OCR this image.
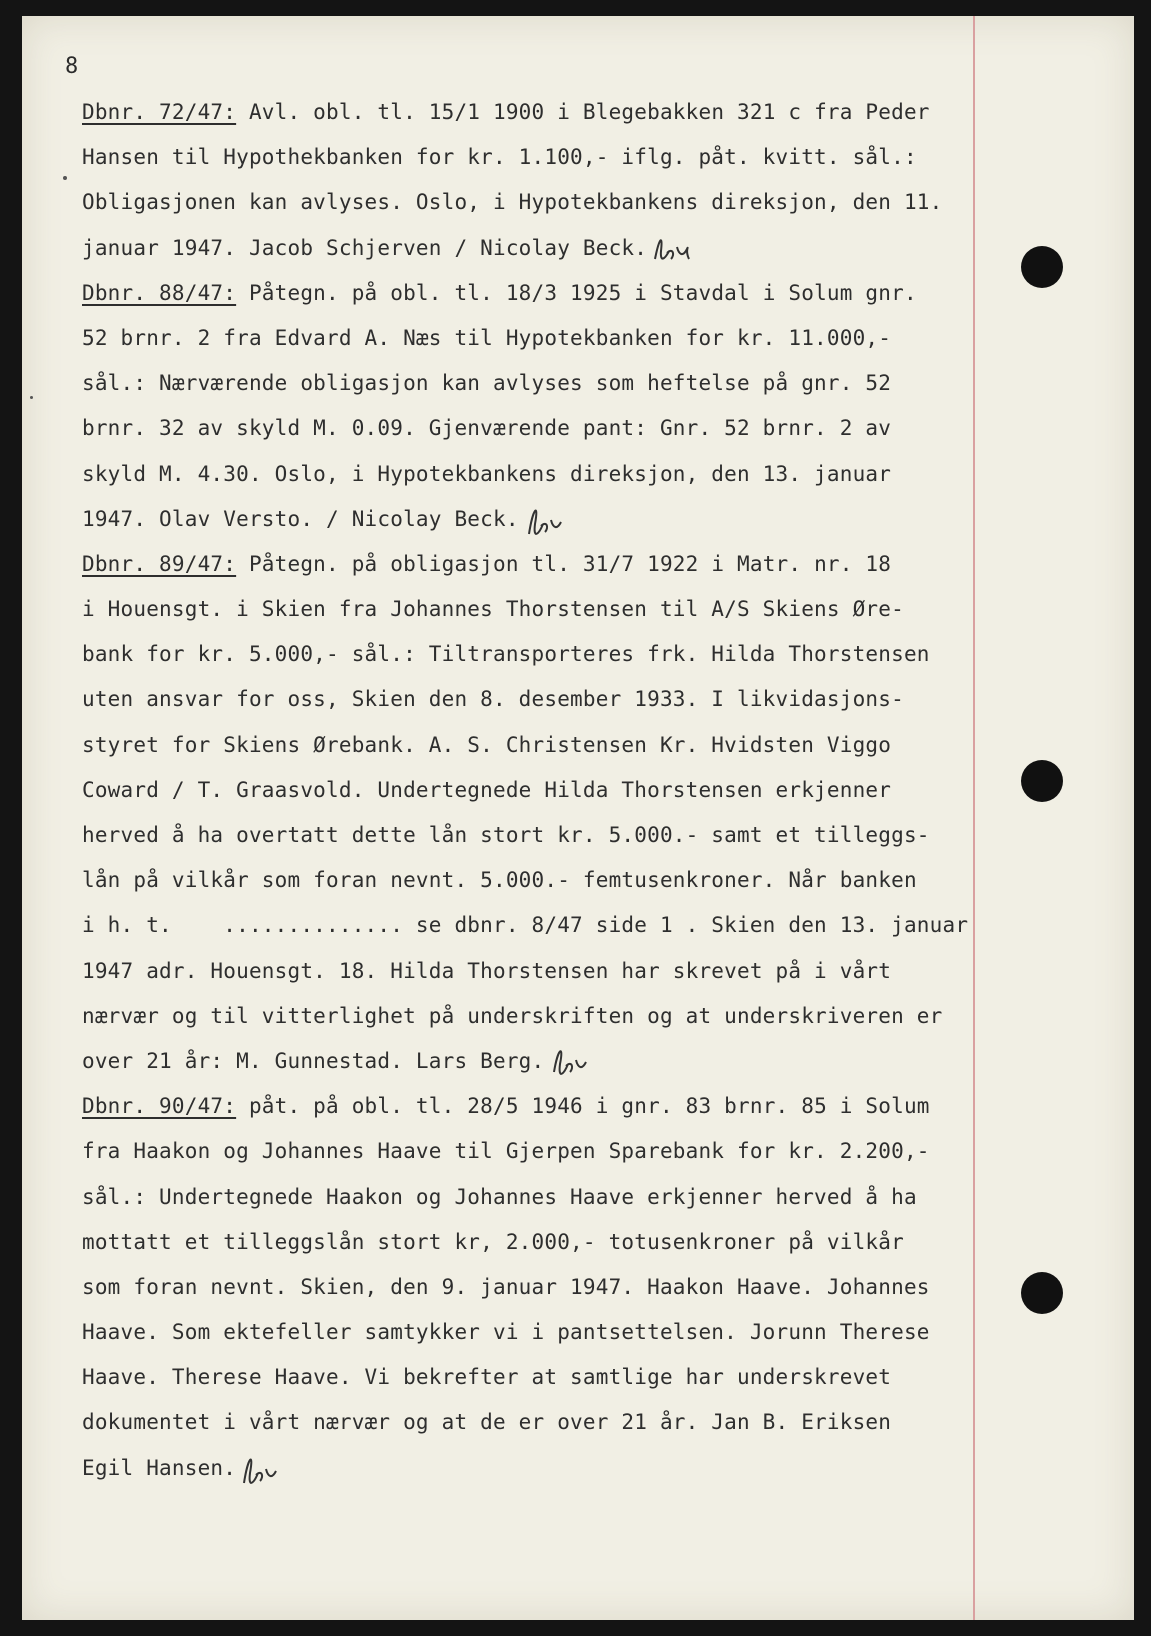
8
Dbnr. 72/47: Avl. obl. tl. 15/1 1900 i Blegebakken 321 c fra Peder
Hansen til Hypothekbanken for kr. 1.100,- iflg. påt. kvitt. sål.:
Obligasjonen kan avlyses. Oslo, i Hypotekbankens direksjon, den 11.
januar 1947. Jacob Schjerven / Nicolay Beck.
Dbnr. 88/47: Påtegn. på obl. tl. 18/3 1925 i Stavdal i Solum gnr.
52 brnr. 2 fra Edvard A. Næs til Hypotekbanken for kr. 11.000,-
sål.: Nærværende obligasjon kan avlyses som heftelse på gnr. 52
brnr. 32 av skyld M. 0.09. Gjenværende pant: Gnr. 52 brnr. 2 av
skyld M. 4.30. Oslo, i Hypotekbankens direksjon, den 13. januar
1947. Olav Versto. / Nicolay Beck.
Dbnr. 89/47: Påtegn. på obligasjon tl. 31/7 1922 i Matr. nr. 18
i Houensgt. i Skien fra Johannes Thorstensen til A/S Skiens Øre-
bank for kr. 5.000,- sål.: Tiltransporteres frk. Hilda Thorstensen
uten ansvar for oss, Skien den 8. desember 1933. I likvidasjons-
styret for Skiens Ørebank. A. S. Christensen Kr. Hvidsten Viggo
Coward / T. Graasvold. Undertegnede Hilda Thorstensen erkjenner
herved å ha overtatt dette lån stort kr. 5.000.- samt et tilleggs-
lån på vilkår som foran nevnt. 5.000.- femtusenkroner. Når banken
i h. t.    .............. se dbnr. 8/47 side 1 . Skien den 13. januar
1947 adr. Houensgt. 18. Hilda Thorstensen har skrevet på i vårt
nærvær og til vitterlighet på underskriften og at underskriveren er
over 21 år: M. Gunnestad. Lars Berg.
Dbnr. 90/47: påt. på obl. tl. 28/5 1946 i gnr. 83 brnr. 85 i Solum
fra Haakon og Johannes Haave til Gjerpen Sparebank for kr. 2.200,-
sål.: Undertegnede Haakon og Johannes Haave erkjenner herved å ha
mottatt et tilleggslån stort kr, 2.000,- totusenkroner på vilkår
som foran nevnt. Skien, den 9. januar 1947. Haakon Haave. Johannes
Haave. Som ektefeller samtykker vi i pantsettelsen. Jorunn Therese
Haave. Therese Haave. Vi bekrefter at samtlige har underskrevet
dokumentet i vårt nærvær og at de er over 21 år. Jan B. Eriksen
Egil Hansen.
